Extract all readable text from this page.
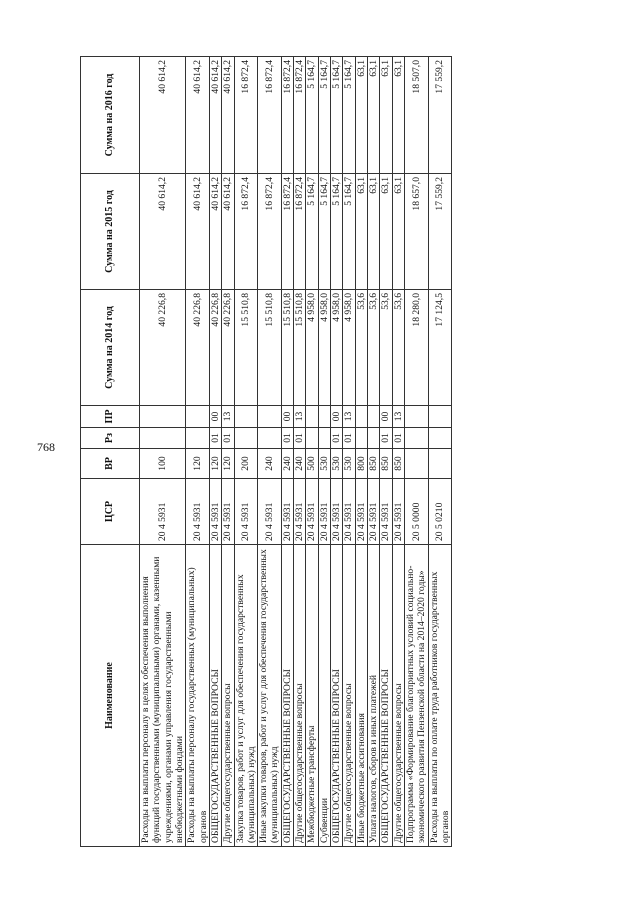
768
Наименование	ЦСР	ВР	Рз	ПР	Сумма на 2014 год	Сумма на 2015 год	Сумма на 2016 год
Расходы на выплаты персоналу в целях обеспечения выполнения функций государственными (муниципальными) органами, казенными учреждениями, органами управления государственными внебюджетными фондами	20 4 5931	100			40 226,8	40 614,2	40 614,2
Расходы на выплаты персоналу государственных (муниципальных) органов	20 4 5931	120			40 226,8	40 614,2	40 614,2
ОБЩЕГОСУДАРСТВЕННЫЕ ВОПРОСЫ	20 4 5931	120	01	00	40 226,8	40 614,2	40 614,2
Другие общегосударственные вопросы	20 4 5931	120	01	13	40 226,8	40 614,2	40 614,2
Закупка товаров, работ и услуг для обеспечения государственных (муниципальных) нужд	20 4 5931	200			15 510,8	16 872,4	16 872,4
Иные закупки товаров, работ и услуг для обеспечения государственных (муниципальных) нужд	20 4 5931	240			15 510,8	16 872,4	16 872,4
ОБЩЕГОСУДАРСТВЕННЫЕ ВОПРОСЫ	20 4 5931	240	01	00	15 510,8	16 872,4	16 872,4
Другие общегосударственные вопросы	20 4 5931	240	01	13	15 510,8	16 872,4	16 872,4
Межбюджетные трансферты	20 4 5931	500			4 958,0	5 164,7	5 164,7
Субвенции	20 4 5931	530			4 958,0	5 164,7	5 164,7
ОБЩЕГОСУДАРСТВЕННЫЕ ВОПРОСЫ	20 4 5931	530	01	00	4 958,0	5 164,7	5 164,7
Другие общегосударственные вопросы	20 4 5931	530	01	13	4 958,0	5 164,7	5 164,7
Иные бюджетные ассигнования	20 4 5931	800			53,6	63,1	63,1
Уплата налогов, сборов и иных платежей	20 4 5931	850			53,6	63,1	63,1
ОБЩЕГОСУДАРСТВЕННЫЕ ВОПРОСЫ	20 4 5931	850	01	00	53,6	63,1	63,1
Другие общегосударственные вопросы	20 4 5931	850	01	13	53,6	63,1	63,1
Подпрограмма «Формирование благоприятных условий социально-экономического развития Пензенской области на 2014–2020 годы»	20 5 0000				18 280,0	18 657,0	18 507,0
Расходы на выплаты по оплате труда работников государственных органов	20 5 0210				17 124,5	17 559,2	17 559,2
